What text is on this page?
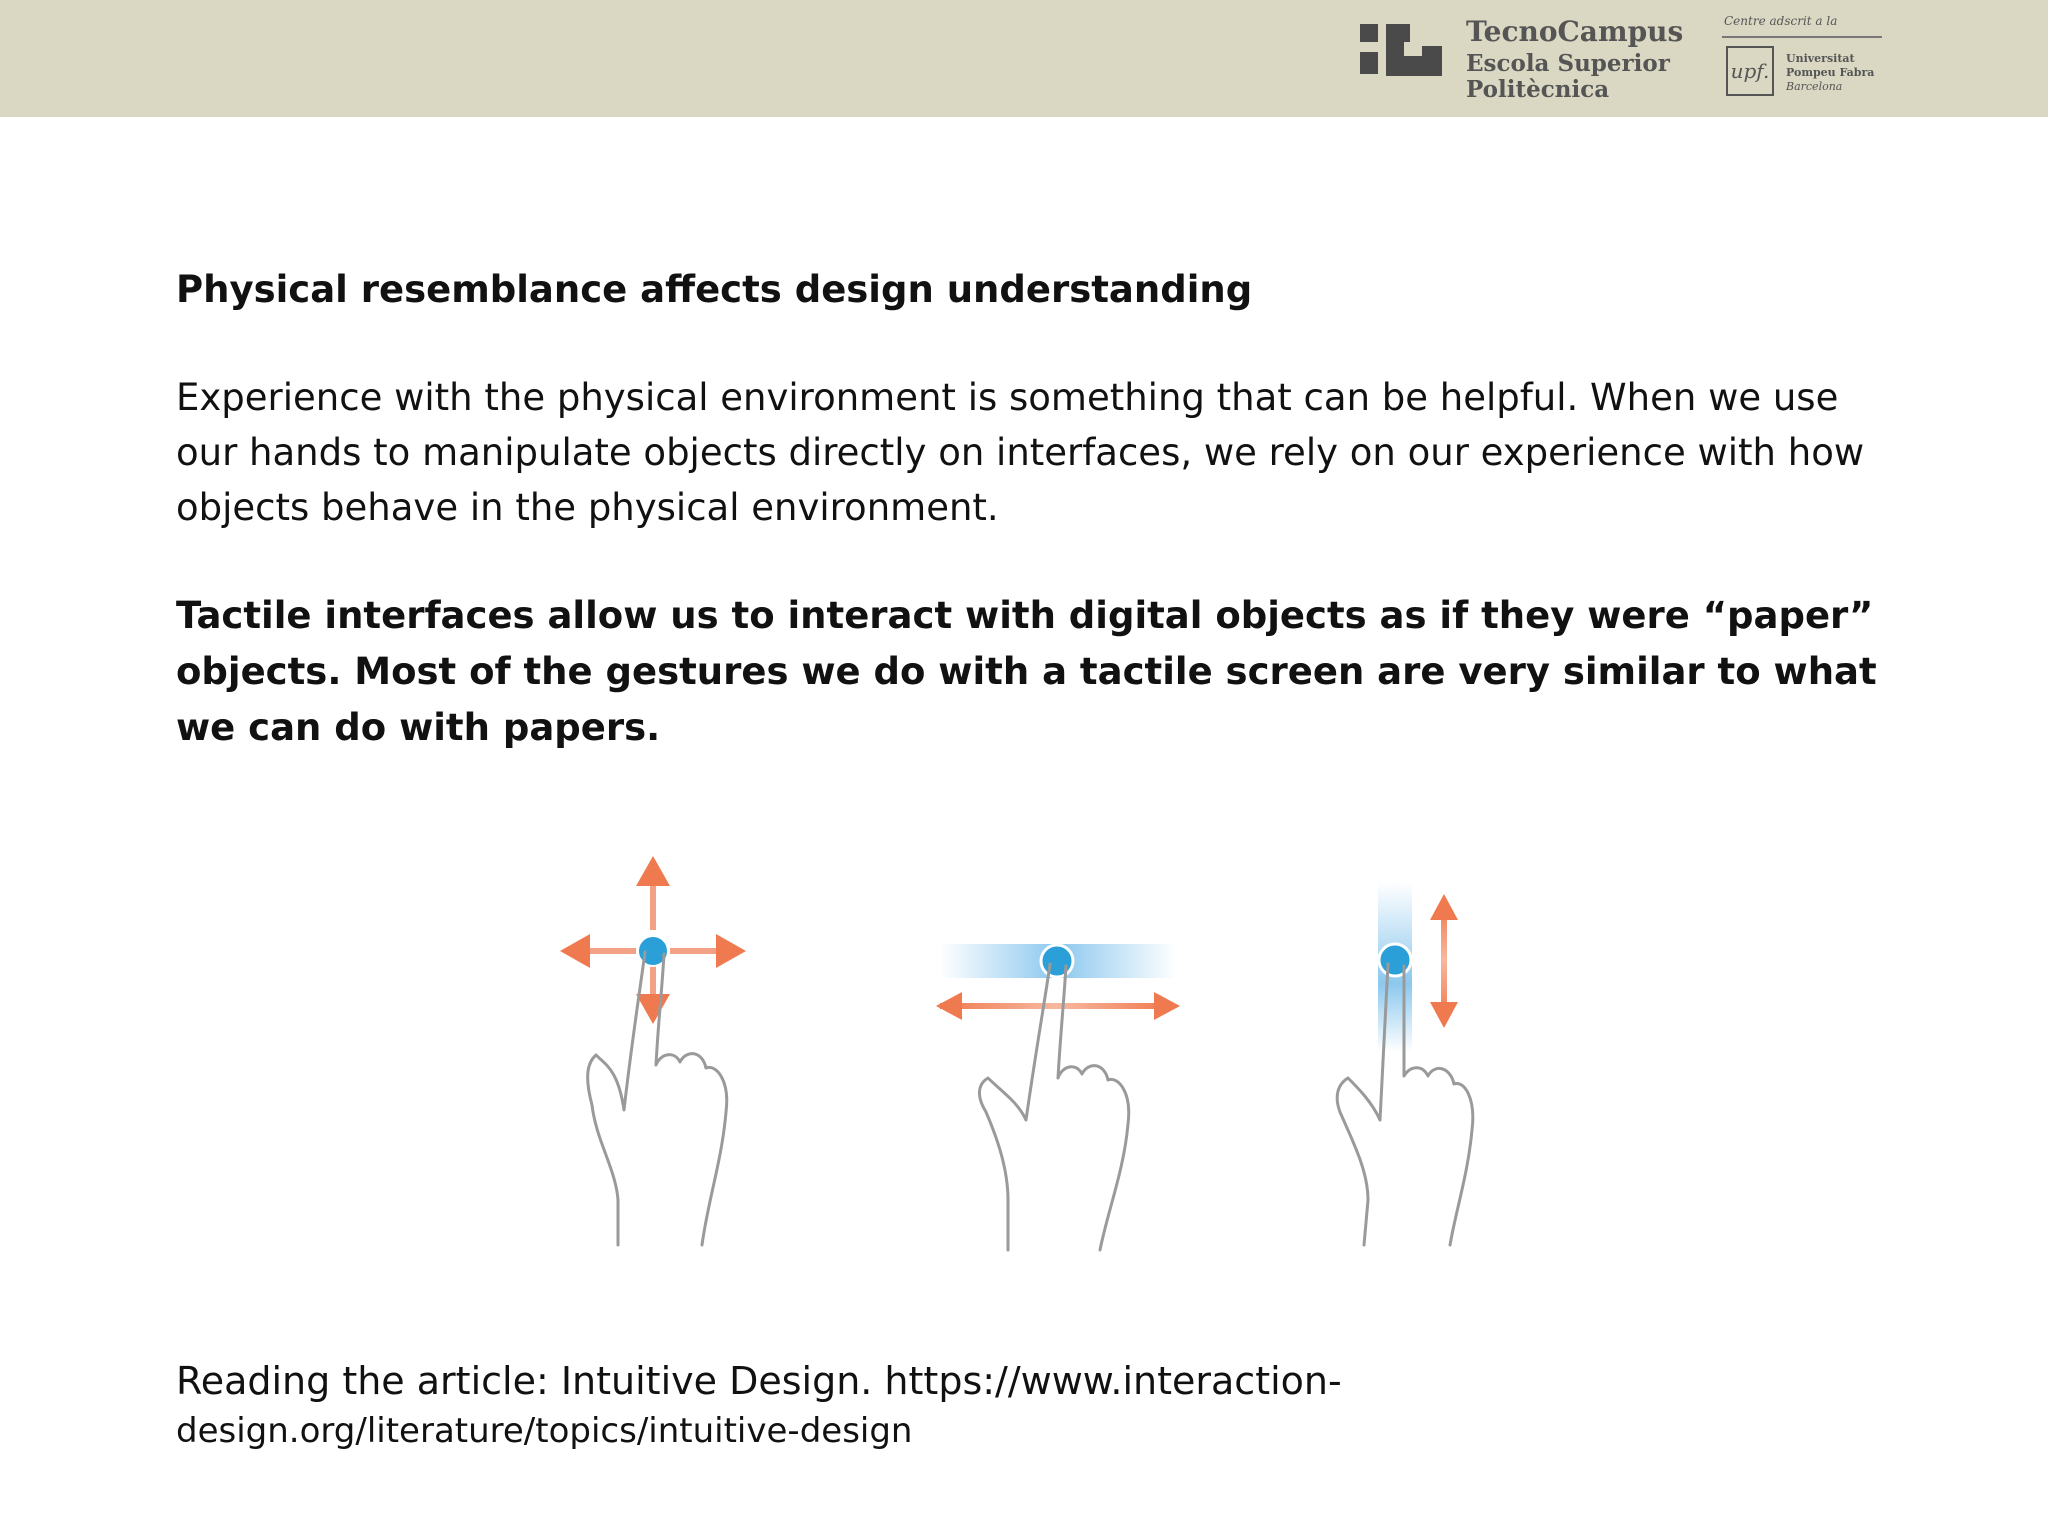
TecnoCampus
Escola Superior
Politècnica
Centre adscrit a la
upf.
Universitat
Pompeu Fabra
Barcelona
Physical resemblance affects design understanding

Experience with the physical environment is something that can be helpful. When we use our hands to manipulate objects directly on interfaces, we rely on our experience with how objects behave in the physical environment.

Tactile interfaces allow us to interact with digital objects as if they were “paper” objects. Most of the gestures we do with a tactile screen are very similar to what we can do with papers.

Reading the article: Intuitive Design. https://www.interaction-
design.org/literature/topics/intuitive-design
